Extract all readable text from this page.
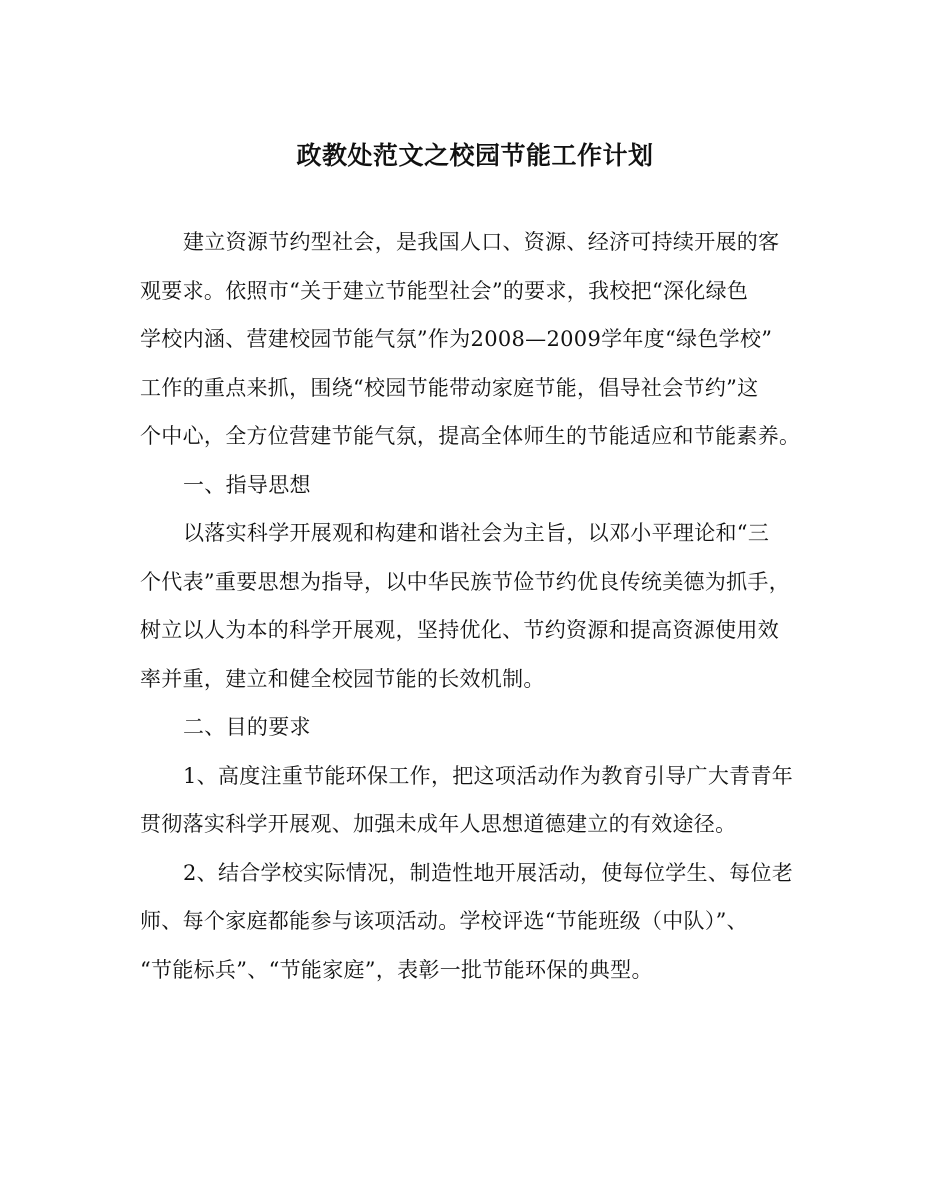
政教处范文之校园节能工作计划
建立资源节约型社会，是我国人口、资源、经济可持续开展的客
观要求。依照市“关于建立节能型社会”的要求，我校把“深化绿色
学校内涵、营建校园节能气氛”作为2008—2009学年度“绿色学校”
工作的重点来抓，围绕“校园节能带动家庭节能，倡导社会节约”这
个中心，全方位营建节能气氛，提高全体师生的节能适应和节能素养。
一、指导思想
以落实科学开展观和构建和谐社会为主旨，以邓小平理论和“三
个代表”重要思想为指导，以中华民族节俭节约优良传统美德为抓手，
树立以人为本的科学开展观，坚持优化、节约资源和提高资源使用效
率并重，建立和健全校园节能的长效机制。
二、目的要求
1、高度注重节能环保工作，把这项活动作为教育引导广大青青年
贯彻落实科学开展观、加强未成年人思想道德建立的有效途径。
2、结合学校实际情况，制造性地开展活动，使每位学生、每位老
师、每个家庭都能参与该项活动。学校评选“节能班级（中队）”、
“节能标兵”、“节能家庭”，表彰一批节能环保的典型。
